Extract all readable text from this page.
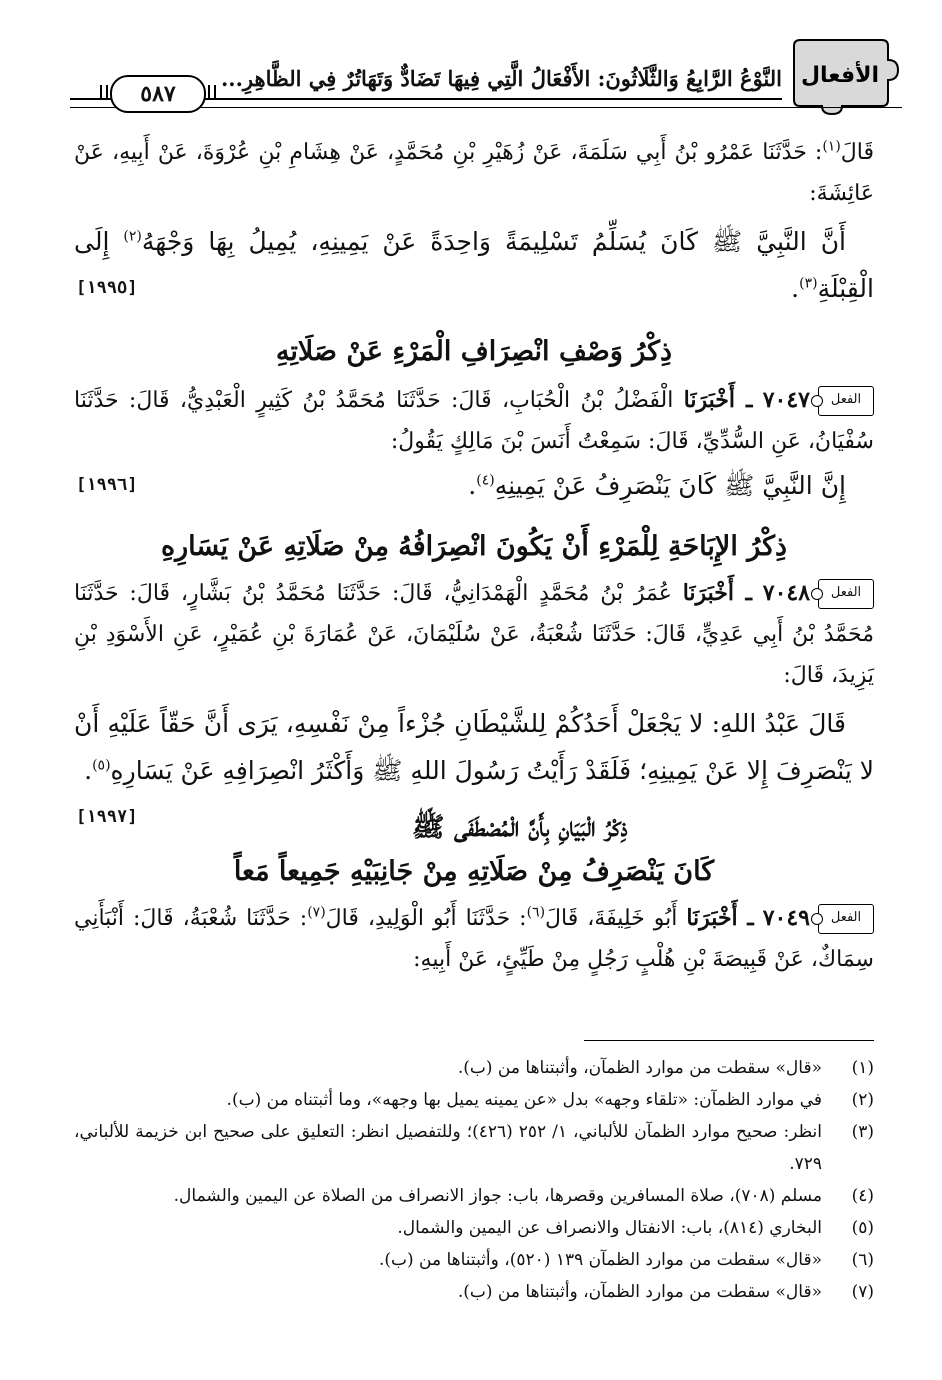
الأفعال
النَّوْعُ الرَّابِعُ وَالثَّلَاثُونَ: الأَفْعَالُ الَّتِي فِيهَا تَضَادٌّ وَتَهَاتُرٌ فِي الظَّاهِرِ...
٥٨٧

قَالَ$^{(١)}$: حَدَّثَنَا عَمْرُو بْنُ أَبِي سَلَمَةَ، عَنْ زُهَيْرِ بْنِ مُحَمَّدٍ، عَنْ هِشَامِ بْنِ عُرْوَةَ، عَنْ أَبِيهِ، عَنْ عَائِشَةَ:

أَنَّ النَّبِيَّ ﷺ كَانَ يُسَلِّمُ تَسْلِيمَةً وَاحِدَةً عَنْ يَمِينِهِ، يُمِيلُ بِهَا وَجْهَهُ$^{(٢)}$ إِلَى الْقِبْلَةِ$^{(٣)}$.
[١٩٩٥]

ذِكْرُ وَصْفِ انْصِرَافِ الْمَرْءِ عَنْ صَلَاتِهِ

الفعل٧٠٤٧ ـ أَخْبَرَنَا الْفَضْلُ بْنُ الْحُبَابِ، قَالَ: حَدَّثَنَا مُحَمَّدُ بْنُ كَثِيرٍ الْعَبْدِيُّ، قَالَ: حَدَّثَنَا سُفْيَانُ، عَنِ السُّدِّيِّ، قَالَ: سَمِعْتُ أَنَسَ بْنَ مَالِكٍ يَقُولُ:

إِنَّ النَّبِيَّ ﷺ كَانَ يَنْصَرِفُ عَنْ يَمِينِهِ$^{(٤)}$.
[١٩٩٦]

ذِكْرُ الإِبَاحَةِ لِلْمَرْءِ أَنْ يَكُونَ انْصِرَافُهُ مِنْ صَلَاتِهِ عَنْ يَسَارِهِ

الفعل٧٠٤٨ ـ أَخْبَرَنَا عُمَرُ بْنُ مُحَمَّدٍ الْهَمْدَانِيُّ، قَالَ: حَدَّثَنَا مُحَمَّدُ بْنُ بَشَّارٍ، قَالَ: حَدَّثَنَا مُحَمَّدُ بْنُ أَبِي عَدِيٍّ، قَالَ: حَدَّثَنَا شُعْبَةُ، عَنْ سُلَيْمَانَ، عَنْ عُمَارَةَ بْنِ عُمَيْرٍ، عَنِ الأَسْوَدِ بْنِ يَزِيدَ، قَالَ:

قَالَ عَبْدُ اللهِ: لا يَجْعَلْ أَحَدُكُمْ لِلشَّيْطَانِ جُزْءاً مِنْ نَفْسِهِ، يَرَى أَنَّ حَقّاً عَلَيْهِ أَنْ لا يَنْصَرِفَ إِلا عَنْ يَمِينِهِ؛ فَلَقَدْ رَأَيْتُ رَسُولَ اللهِ ﷺ وَأَكْثَرُ انْصِرَافِهِ عَنْ يَسَارِهِ$^{(٥)}$.
[١٩٩٧]	ذِكْرُ الْبَيَانِ بِأَنَّ الْمُصْطَفَى ﷺ
كَانَ يَنْصَرِفُ مِنْ صَلَاتِهِ مِنْ جَانِبَيْهِ جَمِيعاً مَعاً

الفعل٧٠٤٩ ـ أَخْبَرَنَا أَبُو خَلِيفَةَ، قَالَ$^{(٦)}$: حَدَّثَنَا أَبُو الْوَلِيدِ، قَالَ$^{(٧)}$: حَدَّثَنَا شُعْبَةُ، قَالَ: أَنْبَأَنِي سِمَاكٌ، عَنْ قَبِيصَةَ بْنِ هُلْبٍ رَجُلٍ مِنْ طَيِّئٍ، عَنْ أَبِيهِ:

(١)
«قال» سقطت من موارد الظمآن، وأثبتناها من (ب).
(٢)
في موارد الظمآن: «تلقاء وجهه» بدل «عن يمينه يميل بها وجهه»، وما أثبتناه من (ب).
(٣)
انظر: صحيح موارد الظمآن للألباني، ١/ ٢٥٢ (٤٢٦)؛ وللتفصيل انظر: التعليق على صحيح ابن خزيمة للألباني، ٧٢٩.
(٤)
مسلم (٧٠٨)، صلاة المسافرين وقصرها، باب: جواز الانصراف من الصلاة عن اليمين والشمال.
(٥)
البخاري (٨١٤)، باب: الانفتال والانصراف عن اليمين والشمال.
(٦)
«قال» سقطت من موارد الظمآن ١٣٩ (٥٢٠)، وأثبتناها من (ب).
(٧)
«قال» سقطت من موارد الظمآن، وأثبتناها من (ب).
